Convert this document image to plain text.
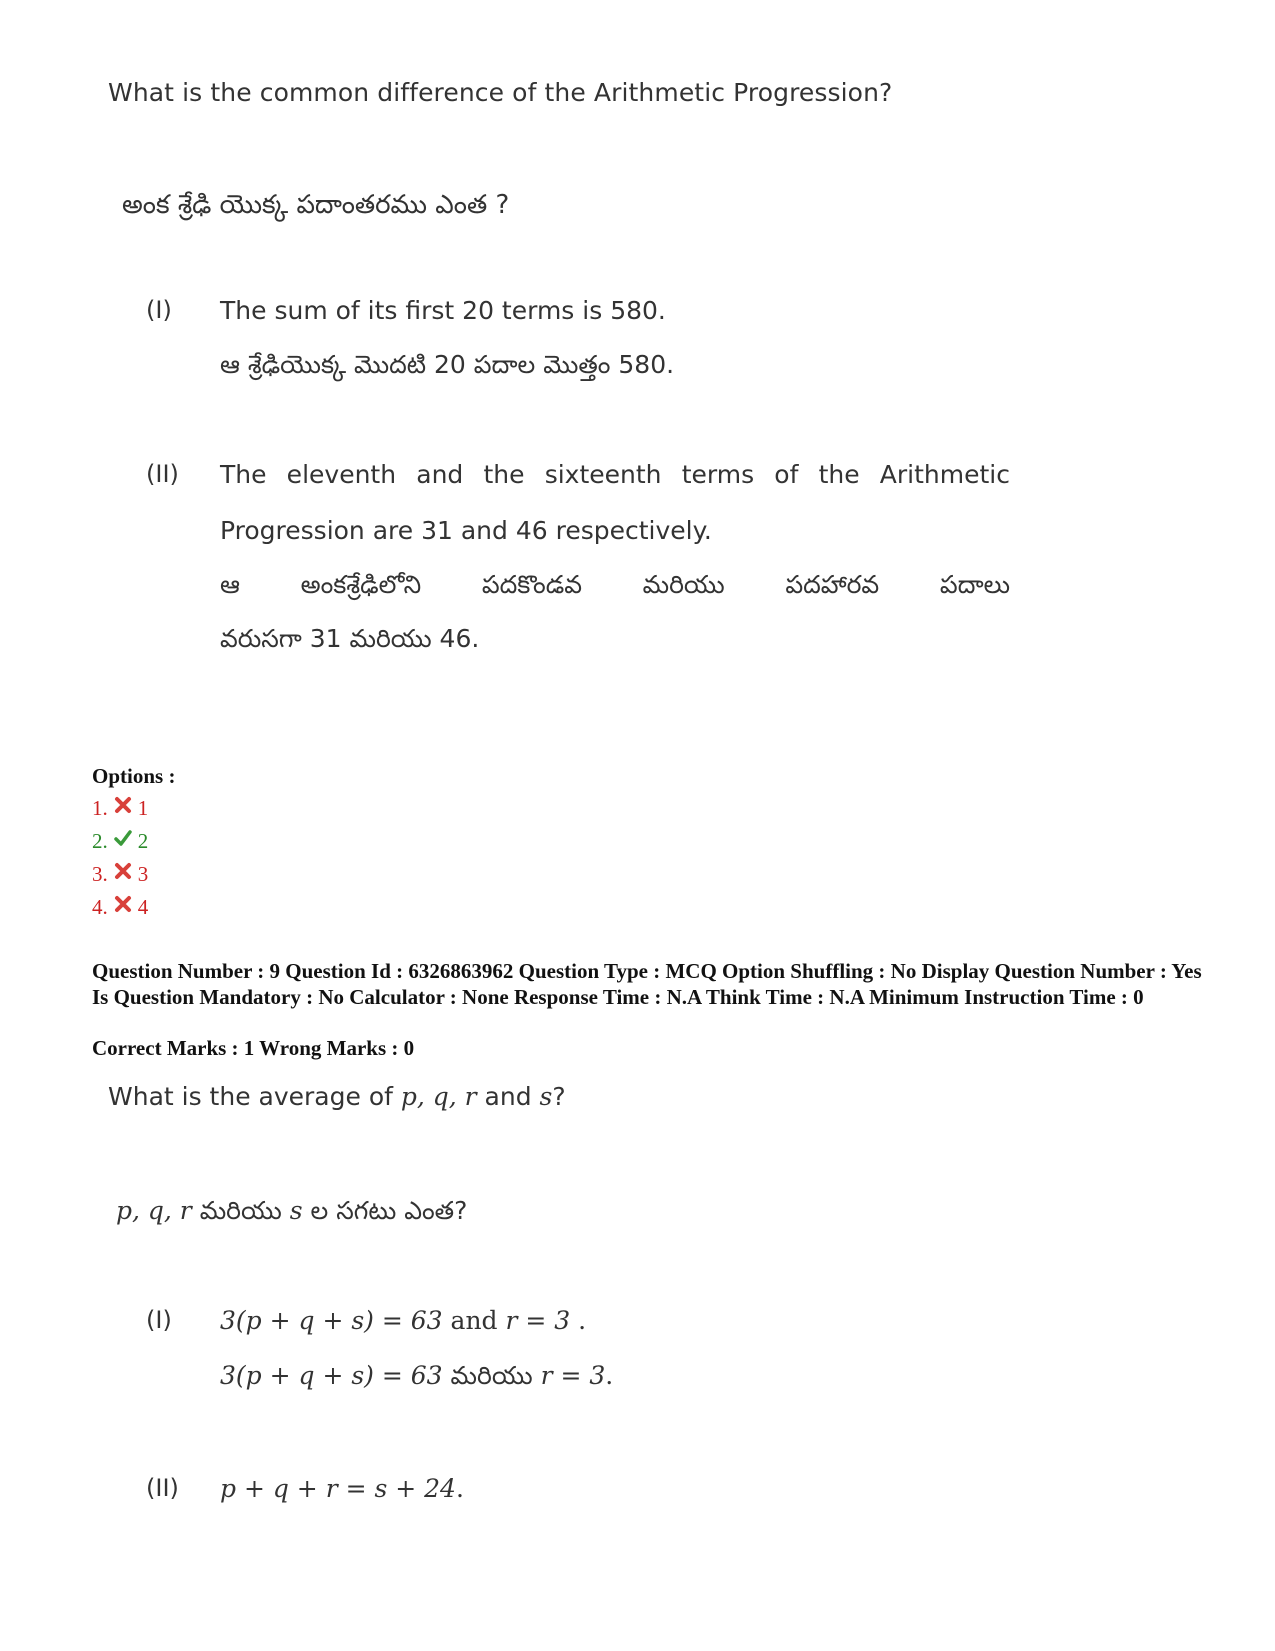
What is the common difference of the Arithmetic Progression?
అంక శ్రేఢి యొక్క పదాంతరము ఎంత ?
(I) The sum of its first 20 terms is 580.
ఆ శ్రేఢియొక్క మొదటి 20 పదాల మొత్తం 580.
(II) The eleventh and the sixteenth terms of the Arithmetic
Progression are 31 and 46 respectively.
ఆ అంకశ్రేఢిలోని పదకొండవ మరియు పదహారవ పదాలు
వరుసగా 31 మరియు 46.
Options :
1. 1
2. 2
3. 3
4. 4
Question Number : 9 Question Id : 6326863962 Question Type : MCQ Option Shuffling : No Display Question Number : Yes Is Question Mandatory : No Calculator : None Response Time : N.A Think Time : N.A Minimum Instruction Time : 0
Correct Marks : 1 Wrong Marks : 0
What is the average of p, q, r and s?
p, q, r మరియు s ల సగటు ఎంత?
(I) 3(p + q + s) = 63 and r = 3 .
3(p + q + s) = 63 మరియు r = 3.
(II) p + q + r = s + 24.
